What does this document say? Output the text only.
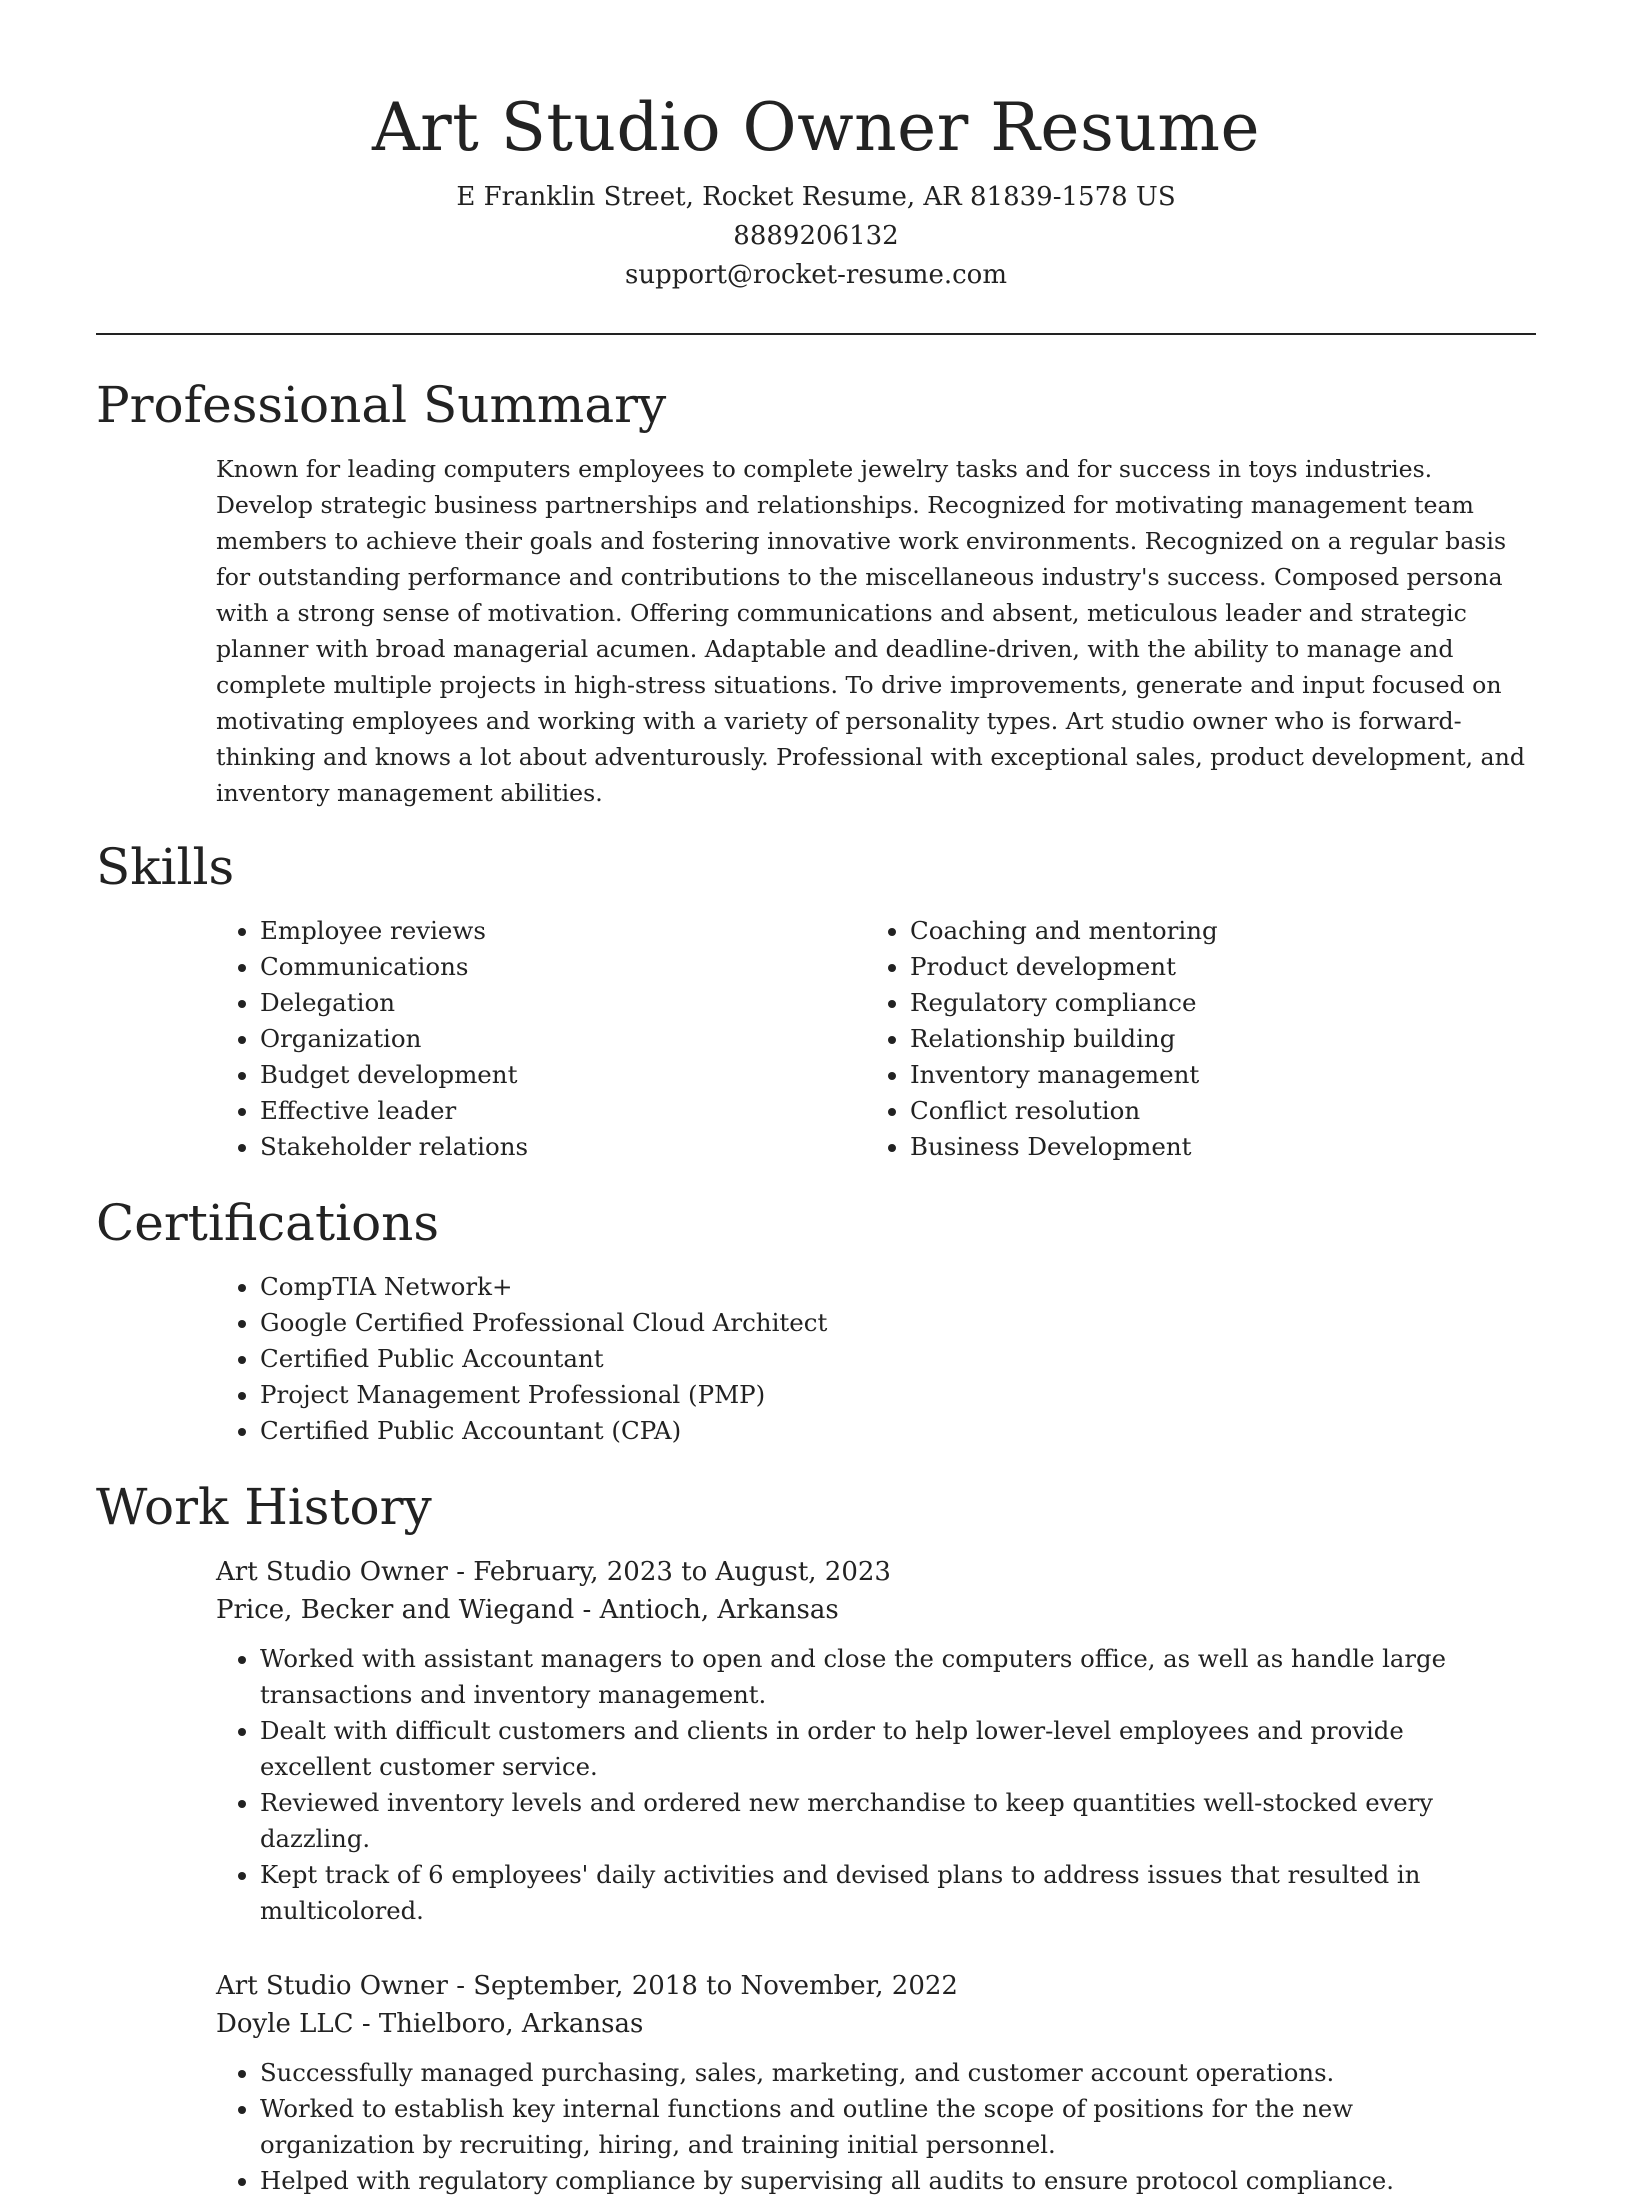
Art Studio Owner Resume
E Franklin Street, Rocket Resume, AR 81839-1578 US
8889206132
support@rocket-resume.com
Professional Summary

Known for leading computers employees to complete jewelry tasks and for success in toys industries. Develop strategic business partnerships and relationships. Recognized for motivating management team members to achieve their goals and fostering innovative work environments. Recognized on a regular basis for outstanding performance and contributions to the miscellaneous industry's success. Composed persona with a strong sense of motivation. Offering communications and absent, meticulous leader and strategic planner with broad managerial acumen. Adaptable and deadline-driven, with the ability to manage and complete multiple projects in high-stress situations. To drive improvements, generate and input focused on motivating employees and working with a variety of personality types. Art studio owner who is forward-thinking and knows a lot about adventurously. Professional with exceptional sales, product development, and inventory management abilities.

Skills
• Employee reviews
• Communications
• Delegation
• Organization
• Budget development
• Effective leader
• Stakeholder relations
• Coaching and mentoring
• Product development
• Regulatory compliance
• Relationship building
• Inventory management
• Conflict resolution
• Business Development
Certifications
• CompTIA Network+
• Google Certified Professional Cloud Architect
• Certified Public Accountant
• Project Management Professional (PMP)
• Certified Public Accountant (CPA)
Work History
Art Studio Owner - February, 2023 to August, 2023
Price, Becker and Wiegand - Antioch, Arkansas
• Worked with assistant managers to open and close the computers office, as well as handle large transactions and inventory management.
• Dealt with difficult customers and clients in order to help lower-level employees and provide excellent customer service.
• Reviewed inventory levels and ordered new merchandise to keep quantities well-stocked every dazzling.
• Kept track of 6 employees' daily activities and devised plans to address issues that resulted in multicolored.
Art Studio Owner - September, 2018 to November, 2022
Doyle LLC - Thielboro, Arkansas
• Successfully managed purchasing, sales, marketing, and customer account operations.
• Worked to establish key internal functions and outline the scope of positions for the new organization by recruiting, hiring, and training initial personnel.
• Helped with regulatory compliance by supervising all audits to ensure protocol compliance.
